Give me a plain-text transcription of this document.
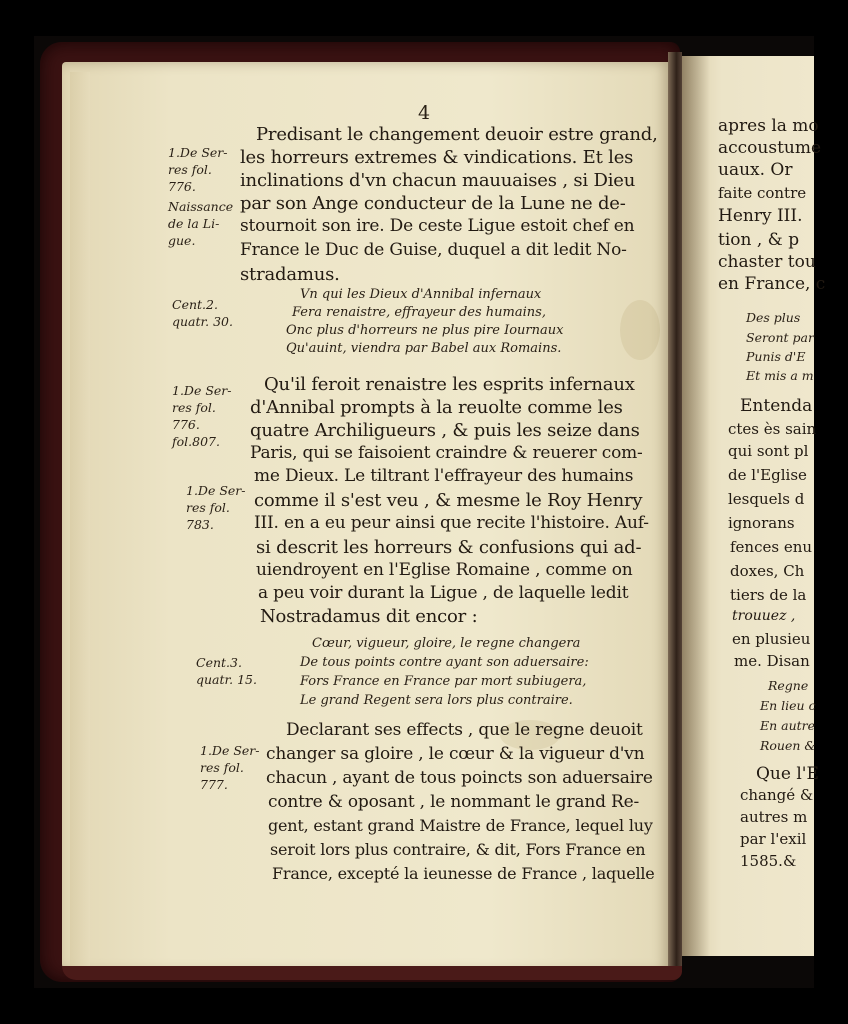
4
1.De Ser-
res fol.
776.
Naissance
de la Li-
gue.
Cent.2.
quatr. 30.
1.De Ser-
res fol.
776.
fol.807.
1.De Ser-
res fol.
783.
Cent.3.
quatr. 15.
1.De Ser-
res fol.
777.
Predisant le changement deuoir estre grand,
les horreurs extremes & vindications. Et les
inclinations d'vn chacun mauuaises , si Dieu
par son Ange conducteur de la Lune ne de-
stournoit son ire. De ceste Ligue estoit chef en
France le Duc de Guise, duquel a dit ledit No-
stradamus.
Vn qui les Dieux d'Annibal infernaux
Fera renaistre, effrayeur des humains,
Onc plus d'horreurs ne plus pire Iournaux
Qu'auint, viendra par Babel aux Romains.
Qu'il feroit renaistre les esprits infernaux
d'Annibal prompts à la reuolte comme les
quatre Archiligueurs , & puis les seize dans
Paris, qui se faisoient craindre & reuerer com-
me Dieux. Le tiltrant l'effrayeur des humains
comme il s'est veu , & mesme le Roy Henry
III. en a eu peur ainsi que recite l'histoire. Auf-
si descrit les horreurs & confusions qui ad-
uiendroyent en l'Eglise Romaine , comme on
a peu voir durant la Ligue , de laquelle ledit
Nostradamus dit encor :
Cœur, vigueur, gloire, le regne changera
De tous points contre ayant son aduersaire:
Fors France en France par mort subiugera,
Le grand Regent sera lors plus contraire.
Declarant ses effects , que le regne deuoit
changer sa gloire , le cœur & la vigueur d'vn
chacun , ayant de tous poincts son aduersaire
contre & oposant , le nommant le grand Re-
gent, estant grand Maistre de France, lequel luy
seroit lors plus contraire, & dit, Fors France en
France, excepté la ieunesse de France , laquelle
apres la mo
accoustume
uaux. Or
faite contre
Henry III.
tion , & p
chaster tou
en France, c
Des plus
Seront par
Punis d'E
Et mis a m
Entenda
ctes ès sain
qui sont pl
de l'Eglise
lesquels d
ignorans
fences enu
doxes, Ch
tiers de la
trouuez ,
en plusieu
me. Disan
Regne
En lieu c
En autre
Rouen &
Que l'E
changé &
autres m
par l'exil
1585.&
